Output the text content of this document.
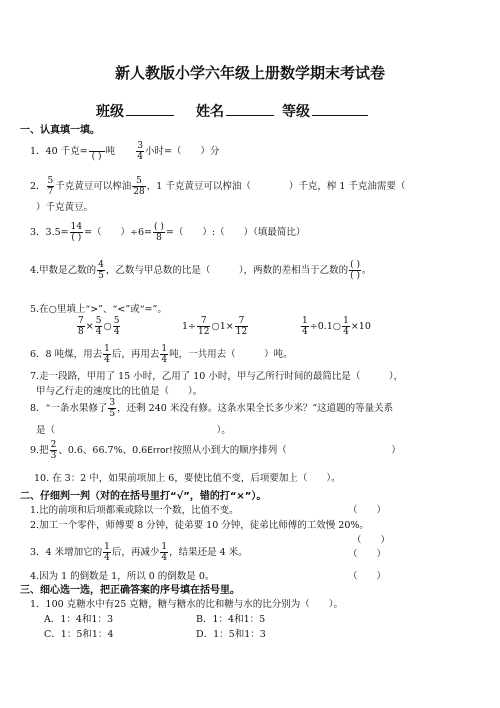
新人教版小学六年级上册数学期末考试卷
班级	姓名	等级
一、认真填一填。
1．40 千克= ( ) 吨 $\frac{3}{4}$ 小时=（　　）分
2． $\frac{5}{7}$ 千克黄豆可以榨油 $\frac{5}{28}$ ，1 千克黄豆可以榨油（　　　　）千克，榨 1 千克油需要（
）千克黄豆。
3．$3.5= \frac{14}{( )}$ =（　　）$\div 6= \frac{( )}{8}$ =（　　）:（　　）（填最简比）
4.甲数是乙数的 $\frac{4}{5}$ ，乙数与甲总数的比是（　　　），两数的差相当于乙数的 $\frac{( )}{( )}$ 。
5.在○里填上“>”、“<”或“=”。
$\frac{7}{8} \times \frac{5}{4}$ ○ $\frac{5}{4}$	$1\div \frac{7}{12}$ ○1× $\frac{7}{12}$	$\frac{1}{4}$ ÷0.1○ $\frac{1}{4} \times 10$
6．8 吨煤，用去 $\frac{1}{4}$ 后，再用去 $\frac{1}{4}$ 吨，一共用去（　　　）吨。
7.走一段路，甲用了 15 小时，乙用了 10 小时，甲与乙所行时间的最简比是（　　　），
甲与乙行走的速度比的比值是（　　）。
8．“一条水果修了 $\frac{3}{5}$ ，还剩 240 米没有修。这条水果全长多少米？”这道题的等量关系
是（　　　　　　　　　　　　　　　　　）。
9.把 $\frac{2}{3}$ 、0.6、66.7%、0.6Error!按照从小到大的顺序排列（　　　　　　　　　　　）
10. 在 3：2 中，如果前项加上 6，要使比值不变，后项要加上（　　）。
二、仔细判一判（对的在括号里打“√”，错的打“×”）。
1.比的前项和后项都乘或除以一个数，比值不变。	（　　）
2.加工一个零件，师傅要 8 分钟，徒弟要 10 分钟，徒弟比师傅的工效慢 20%。
（　　）
3．4 米增加它的 $\frac{1}{4}$ 后，再减少 $\frac{1}{4}$ ，结果还是 4 米。	（　　）
4.因为 1 的倒数是 1，所以 0 的倒数是 0。	（　　）
三、细心选一选，把正确答案的序号填在括号里。
1．100 克糖水中有25 克糖，糖与糖水的比和糖与水的比分别为（　　）。
A．1：4和1：3	B．1：4和1：5
C．1：5和1：4	D．1：5和1：3
